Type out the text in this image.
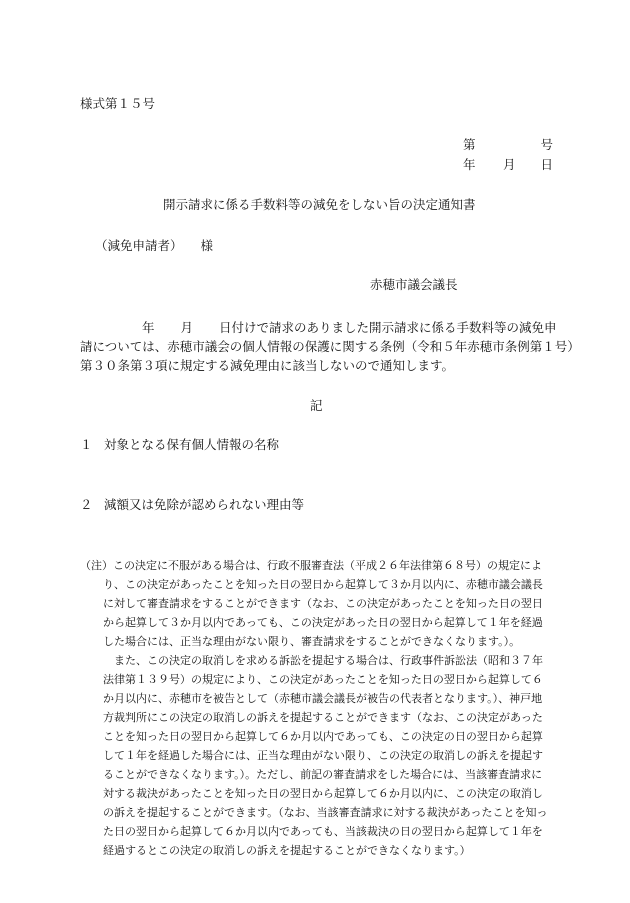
様式第１５号
第	号
年 月 日
開示請求に係る手数料等の減免をしない旨の決定通知書
（減免申請者） 様
赤穂市議会議長
年 月 日付けで請求のありました開示請求に係る手数料等の減免申
請については、赤穂市議会の個人情報の保護に関する条例（令和５年赤穂市条例第１号）
第３０条第３項に規定する減免理由に該当しないので通知します。
記
１ 対象となる保有個人情報の名称
２ 減額又は免除が認められない理由等
（注）この決定に不服がある場合は、行政不服審査法（平成２６年法律第６８号）の規定によ
り、この決定があったことを知った日の翌日から起算して３か月以内に、赤穂市議会議長
に対して審査請求をすることができます（なお、この決定があったことを知った日の翌日
から起算して３か月以内であっても、この決定があった日の翌日から起算して１年を経過
した場合には、正当な理由がない限り、審査請求をすることができなくなります。）。
また、この決定の取消しを求める訴訟を提起する場合は、行政事件訴訟法（昭和３７年
法律第１３９号）の規定により、この決定があったことを知った日の翌日から起算して６
か月以内に、赤穂市を被告として（赤穂市議会議長が被告の代表者となります。）、神戸地
方裁判所にこの決定の取消しの訴えを提起することができます（なお、この決定があった
ことを知った日の翌日から起算して６か月以内であっても、この決定の日の翌日から起算
して１年を経過した場合には、正当な理由がない限り、この決定の取消しの訴えを提起す
ることができなくなります。）。ただし、前記の審査請求をした場合には、当該審査請求に
対する裁決があったことを知った日の翌日から起算して６か月以内に、この決定の取消し
の訴えを提起することができます。（なお、当該審査請求に対する裁決があったことを知っ
た日の翌日から起算して６か月以内であっても、当該裁決の日の翌日から起算して１年を
経過するとこの決定の取消しの訴えを提起することができなくなります。）
